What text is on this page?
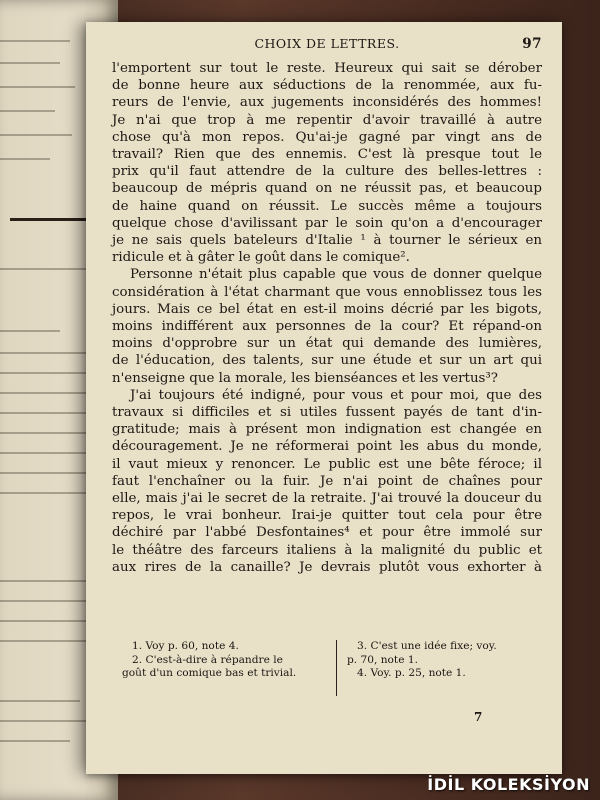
CHOIX DE LETTRES.	97
l'emportent sur tout le reste. Heureux qui sait se dérober
de bonne heure aux séductions de la renommée, aux fu-
reurs de l'envie, aux jugements inconsidérés des hommes!
Je n'ai que trop à me repentir d'avoir travaillé à autre
chose qu'à mon repos. Qu'ai-je gagné par vingt ans de
travail? Rien que des ennemis. C'est là presque tout le
prix qu'il faut attendre de la culture des belles-lettres :
beaucoup de mépris quand on ne réussit pas, et beaucoup
de haine quand on réussit. Le succès même a toujours
quelque chose d'avilissant par le soin qu'on a d'encourager
je ne sais quels bateleurs d'Italie ¹ à tourner le sérieux en
ridicule et à gâter le goût dans le comique².
Personne n'était plus capable que vous de donner quelque
considération à l'état charmant que vous ennoblissez tous les
jours. Mais ce bel état en est-il moins décrié par les bigots,
moins indifférent aux personnes de la cour? Et répand-on
moins d'opprobre sur un état qui demande des lumières,
de l'éducation, des talents, sur une étude et sur un art qui
n'enseigne que la morale, les bienséances et les vertus³?
J'ai toujours été indigné, pour vous et pour moi, que des
travaux si difficiles et si utiles fussent payés de tant d'in-
gratitude; mais à présent mon indignation est changée en
découragement. Je ne réformerai point les abus du monde,
il vaut mieux y renoncer. Le public est une bête féroce; il
faut l'enchaîner ou la fuir. Je n'ai point de chaînes pour
elle, mais j'ai le secret de la retraite. J'ai trouvé la douceur du
repos, le vrai bonheur. Irai-je quitter tout cela pour être
déchiré par l'abbé Desfontaines⁴ et pour être immolé sur
le théâtre des farceurs italiens à la malignité du public et
aux rires de la canaille? Je devrais plutôt vous exhorter à
1. Voy p. 60, note 4.
2. C'est-à-dire à répandre le
goût d'un comique bas et trivial.
3. C'est une idée fixe; voy.
p. 70, note 1.
4. Voy. p. 25, note 1.
7
İDİL KOLEKSİYON
